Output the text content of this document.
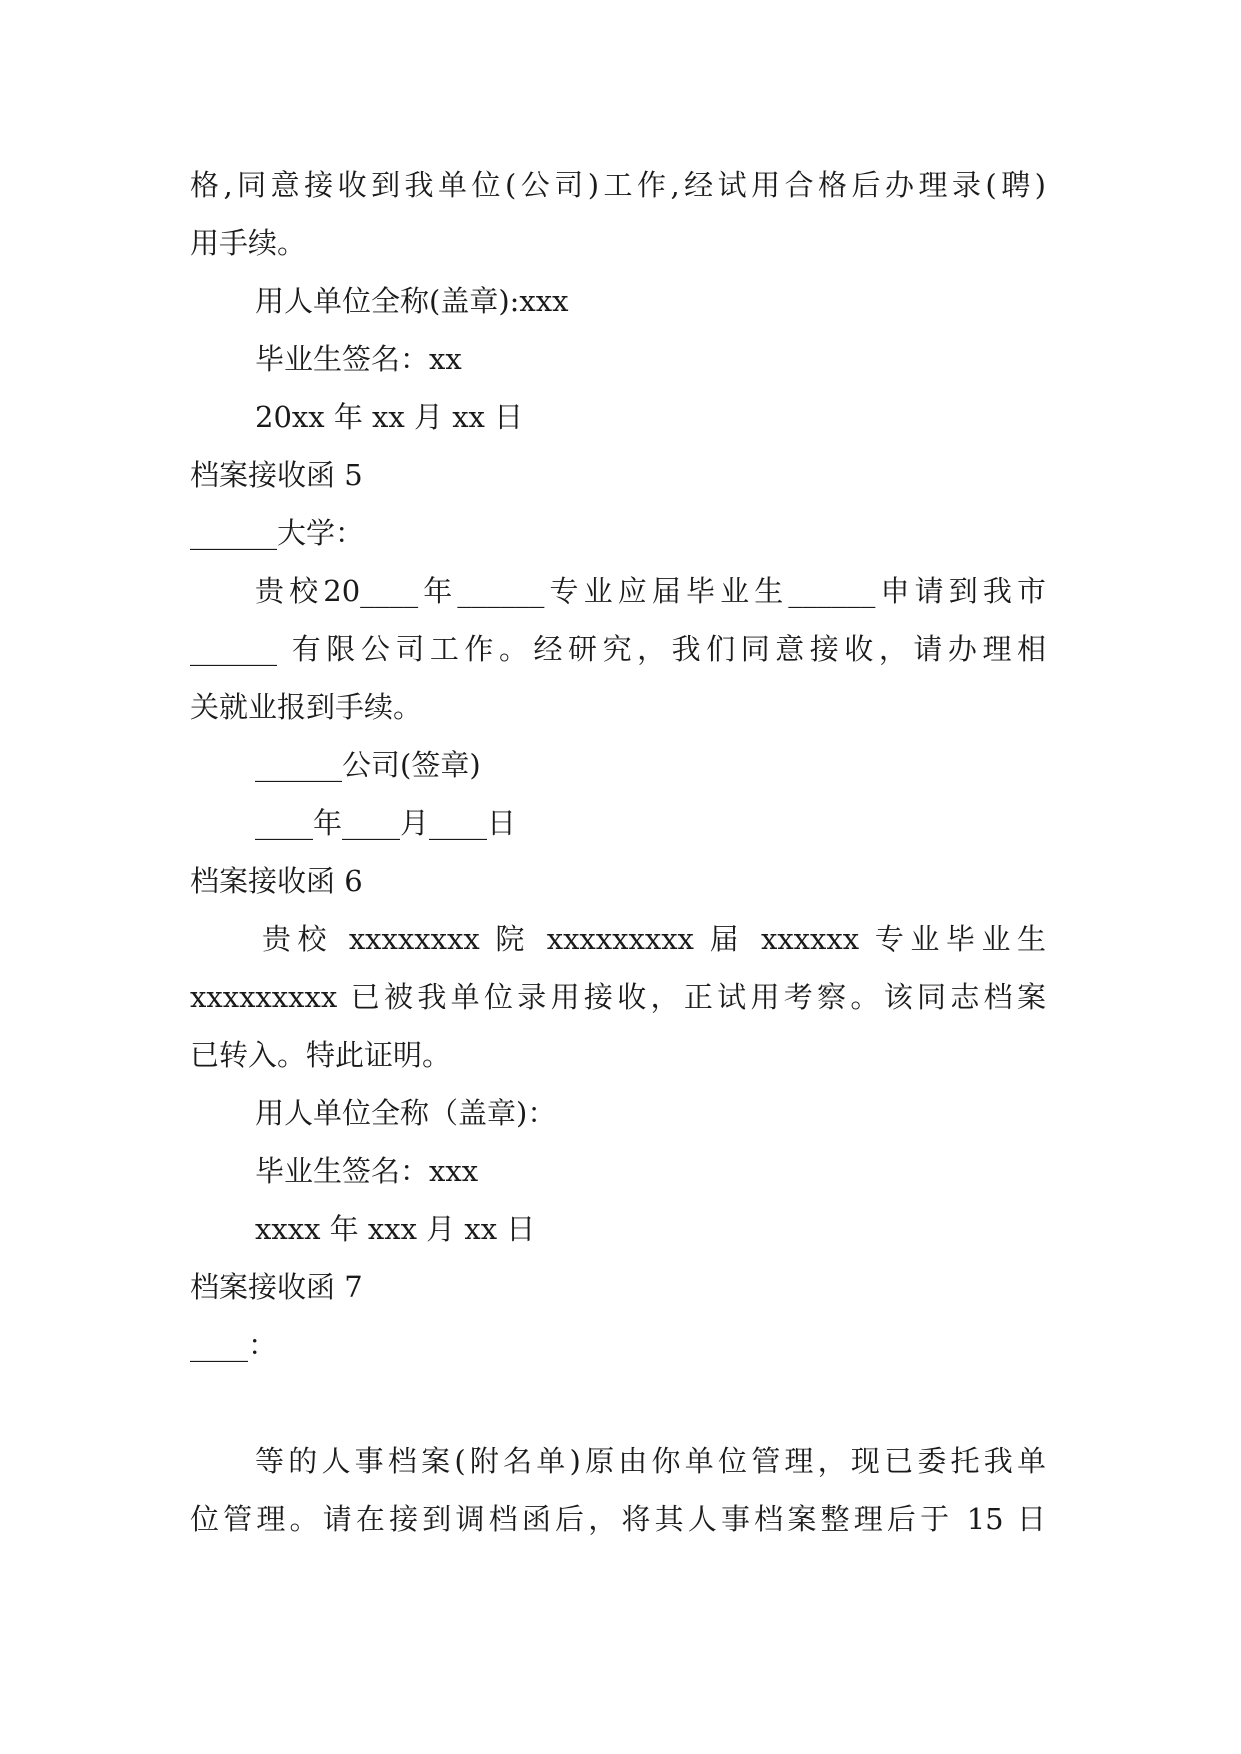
格,同意接收到我单位(公司)工作,经试用合格后办理录(聘)
用手续。
用人单位全称(盖章):xxx
毕业生签名：xx
20xx 年 xx 月 xx 日
档案接收函 5
______大学：
贵校20____年______专业应届毕业生______申请到我市
______ 有限公司工作。经研究，我们同意接收，请办理相
关就业报到手续。
______公司(签章)
____年____月____日
档案接收函 6
贵校 xxxxxxxx 院 xxxxxxxxx 届 xxxxxx 专业毕业生
xxxxxxxxx 已被我单位录用接收，正试用考察。该同志档案
已转入。特此证明。
用人单位全称（盖章)：
毕业生签名：xxx
xxxx 年 xxx 月 xx 日
档案接收函 7
____：
等的人事档案(附名单)原由你单位管理，现已委托我单
位管理。请在接到调档函后，将其人事档案整理后于 15 日
